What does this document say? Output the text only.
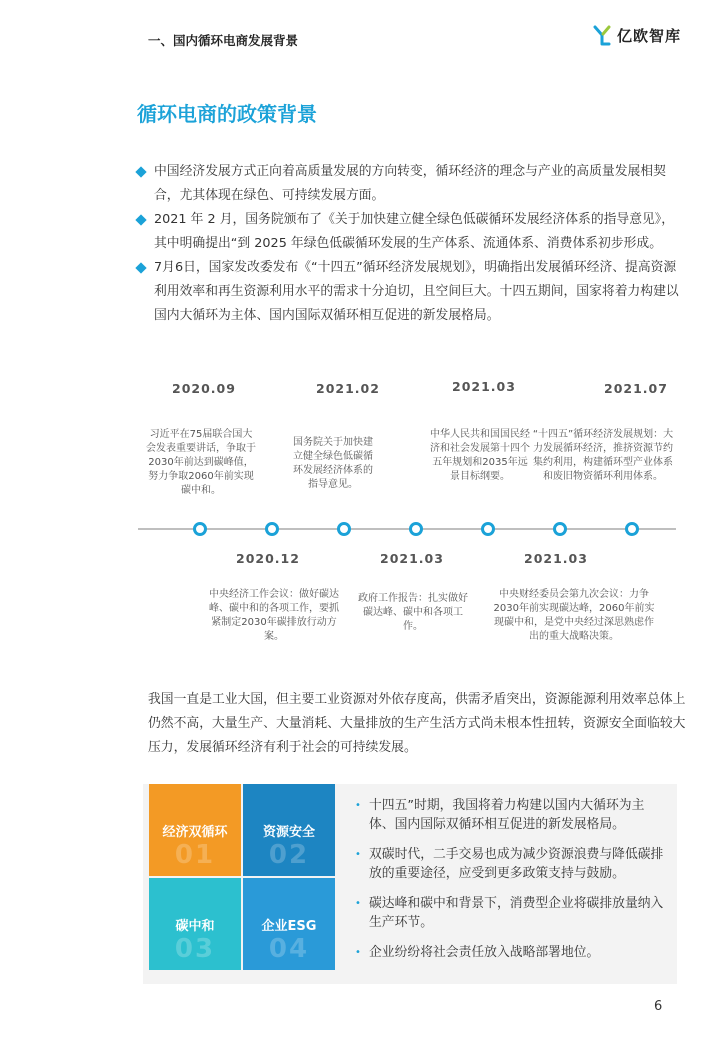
一、国内循环电商发展背景	亿欧智库
循环电商的政策背景
中国经济发展方式正向着高质量发展的方向转变，循环经济的理念与产业的高质量发展相契合，尤其体现在绿色、可持续发展方面。
2021 年 2 月，国务院颁布了《关于加快建立健全绿色低碳循环发展经济体系的指导意见》，其中明确提出“到 2025 年绿色低碳循环发展的生产体系、流通体系、消费体系初步形成。
7月6日，国家发改委发布《“十四五”循环经济发展规划》，明确指出发展循环经济、提高资源利用效率和再生资源利用水平的需求十分迫切，且空间巨大。十四五期间，国家将着力构建以国内大循环为主体、国内国际双循环相互促进的新发展格局。
2020.09
习近平在75届联合国大会发表重要讲话，争取于2030年前达到碳峰值，努力争取2060年前实现碳中和。
2021.02
国务院关于加快建立健全绿色低碳循环发展经济体系的指导意见。
2021.03
中华人民共和国国民经济和社会发展第十四个五年规划和2035年远景目标纲要。
2021.07
“十四五”循环经济发展规划：大力发展循环经济，推挤资源节约集约利用，构建循环型产业体系和废旧物资循环利用体系。
2020.12
中央经济工作会议：做好碳达峰、碳中和的各项工作，要抓紧制定2030年碳排放行动方案。
2021.03
政府工作报告：扎实做好碳达峰、碳中和各项工作。
2021.03
中央财经委员会第九次会议：力争2030年前实现碳达峰，2060年前实现碳中和，是党中央经过深思熟虑作出的重大战略决策。
我国一直是工业大国，但主要工业资源对外依存度高，供需矛盾突出，资源能源利用效率总体上仍然不高，大量生产、大量消耗、大量排放的生产生活方式尚未根本性扭转，资源安全面临较大压力，发展循环经济有利于社会的可持续发展。
经济双循环
01
资源安全
02
碳中和
03
企业ESG
04
• 十四五”时期，我国将着力构建以国内大循环为主体、国内国际双循环相互促进的新发展格局。
• 双碳时代，二手交易也成为减少资源浪费与降低碳排放的重要途径，应受到更多政策支持与鼓励。
• 碳达峰和碳中和背景下，消费型企业将碳排放量纳入生产环节。
• 企业纷纷将社会责任放入战略部署地位。
6
